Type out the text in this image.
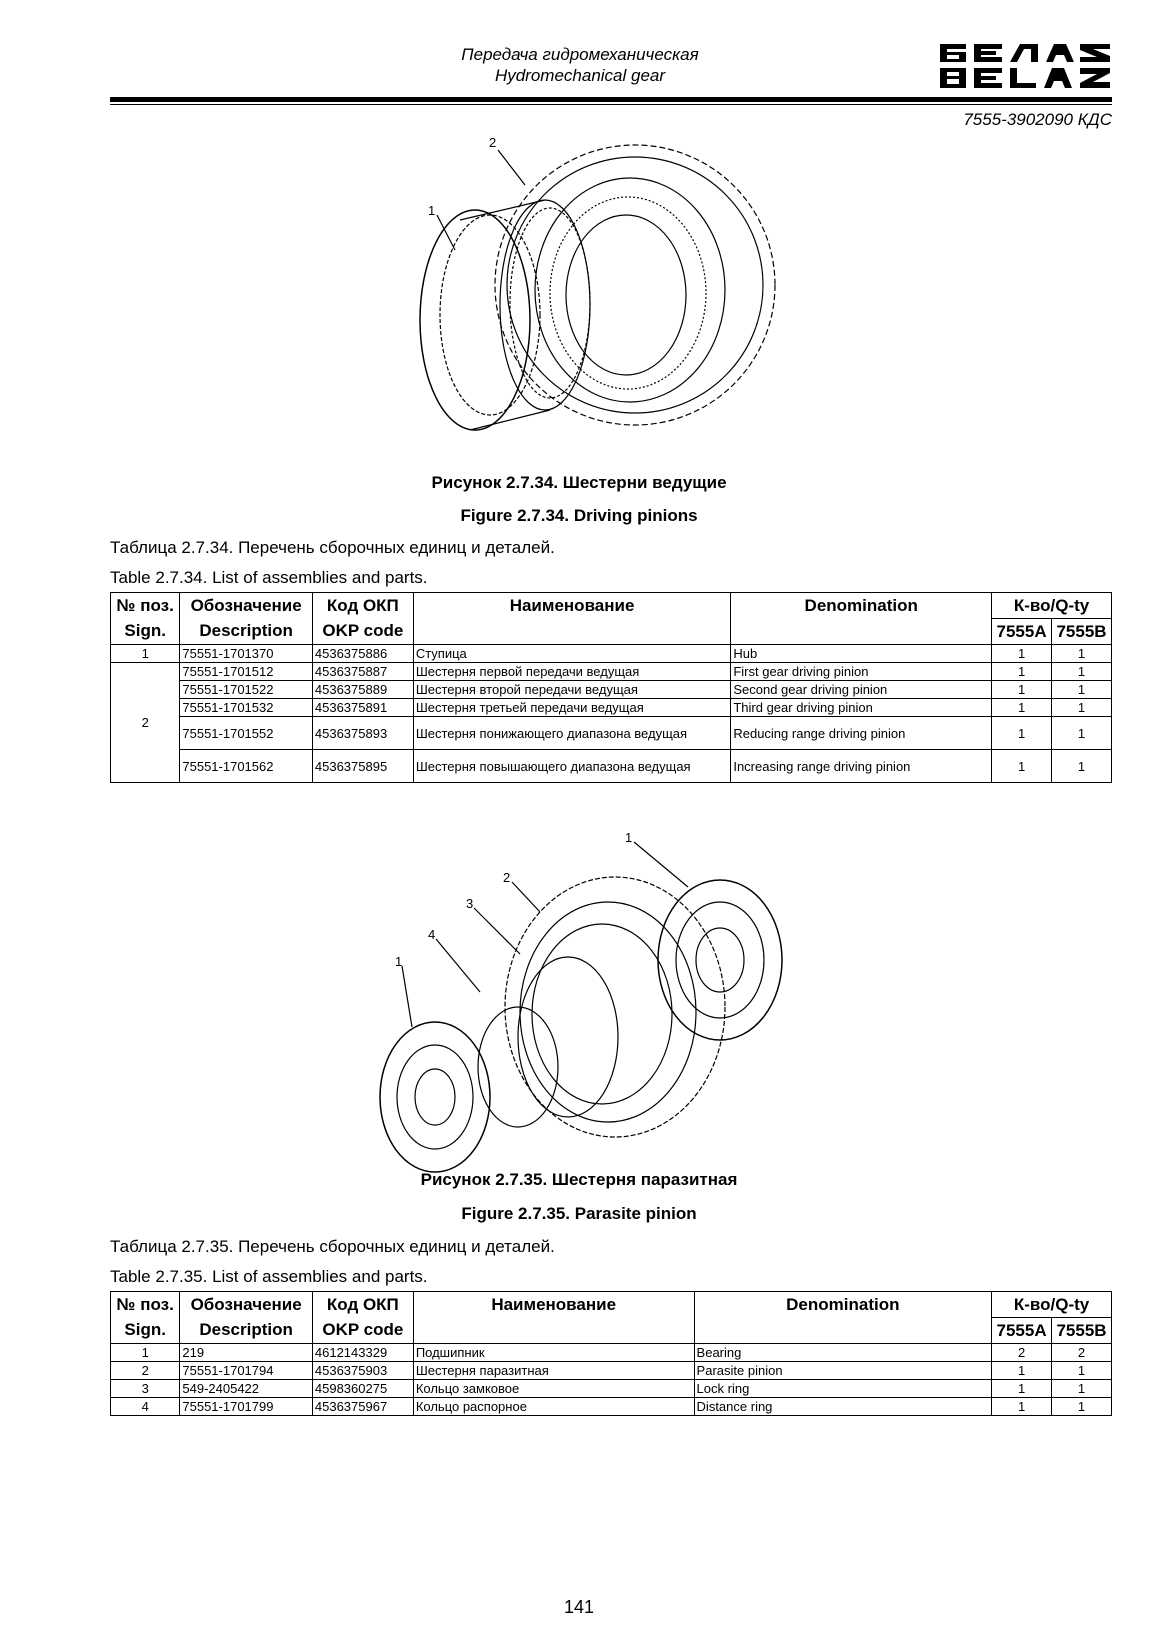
Передача гидромеханическая
Hydromechanical gear
7555-3902090 КДС
2
1
Рисунок 2.7.34. Шестерни ведущие
Figure 2.7.34. Driving pinions
Таблица 2.7.34. Перечень сборочных единиц и деталей.
Table 2.7.34. List of assemblies and parts.
№ поз.	Обозначение	Код ОКП	Наименование	Denomination	К-во/Q-ty	
Sign.	Description	OKP code			7555A	7555B
1	75551-1701370	4536375886	Ступица	Hub	1	1
2	75551-1701512	4536375887	Шестерня первой передачи ведущая	First gear driving pinion	1	1
	75551-1701522	4536375889	Шестерня второй передачи ведущая	Second gear driving pinion	1	1
	75551-1701532	4536375891	Шестерня третьей передачи ведущая	Third gear driving pinion	1	1
	75551-1701552	4536375893	Шестерня понижающего диапазона ведущая	Reducing range driving pinion	1	1
	75551-1701562	4536375895	Шестерня повышающего диапазона ведущая	Increasing range driving pinion	1	1
1
2
3
4
1
Рисунок 2.7.35. Шестерня паразитная
Figure 2.7.35. Parasite pinion
Таблица 2.7.35. Перечень сборочных единиц и деталей.
Table 2.7.35. List of assemblies and parts.
№ поз.	Обозначение	Код ОКП	Наименование	Denomination	К-во/Q-ty	
Sign.	Description	OKP code			7555A	7555B
1	219	4612143329	Подшипник	Bearing	2	2
2	75551-1701794	4536375903	Шестерня паразитная	Parasite pinion	1	1
3	549-2405422	4598360275	Кольцо замковое	Lock ring	1	1
4	75551-1701799	4536375967	Кольцо распорное	Distance ring	1	1
141
